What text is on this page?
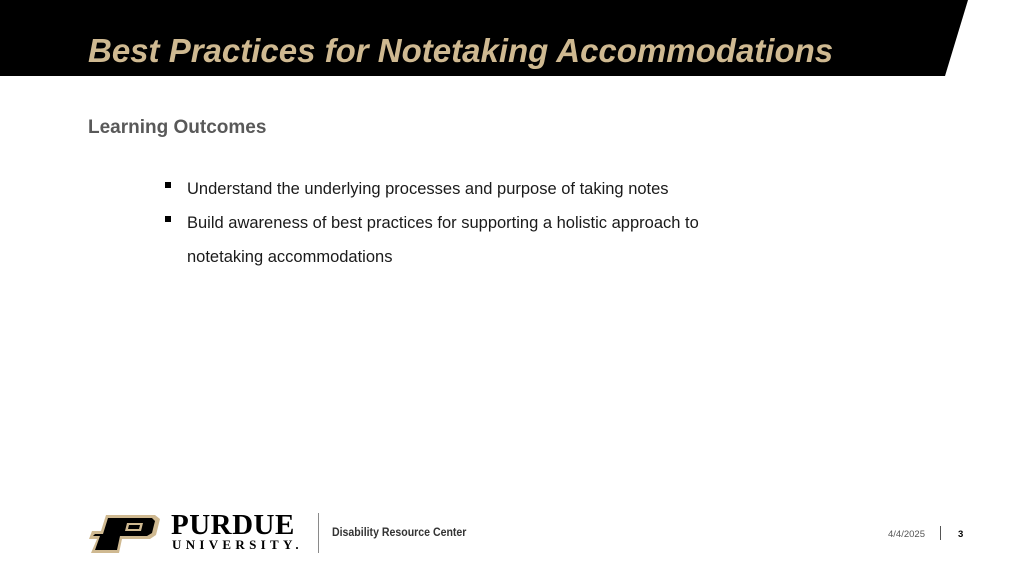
Best Practices for Notetaking Accommodations
Learning Outcomes
Understand the underlying processes and purpose of taking notes
Build awareness of best practices for supporting a holistic approach to notetaking accommodations
PURDUE
UNIVERSITY.
Disability Resource Center	4/4/2025	3
